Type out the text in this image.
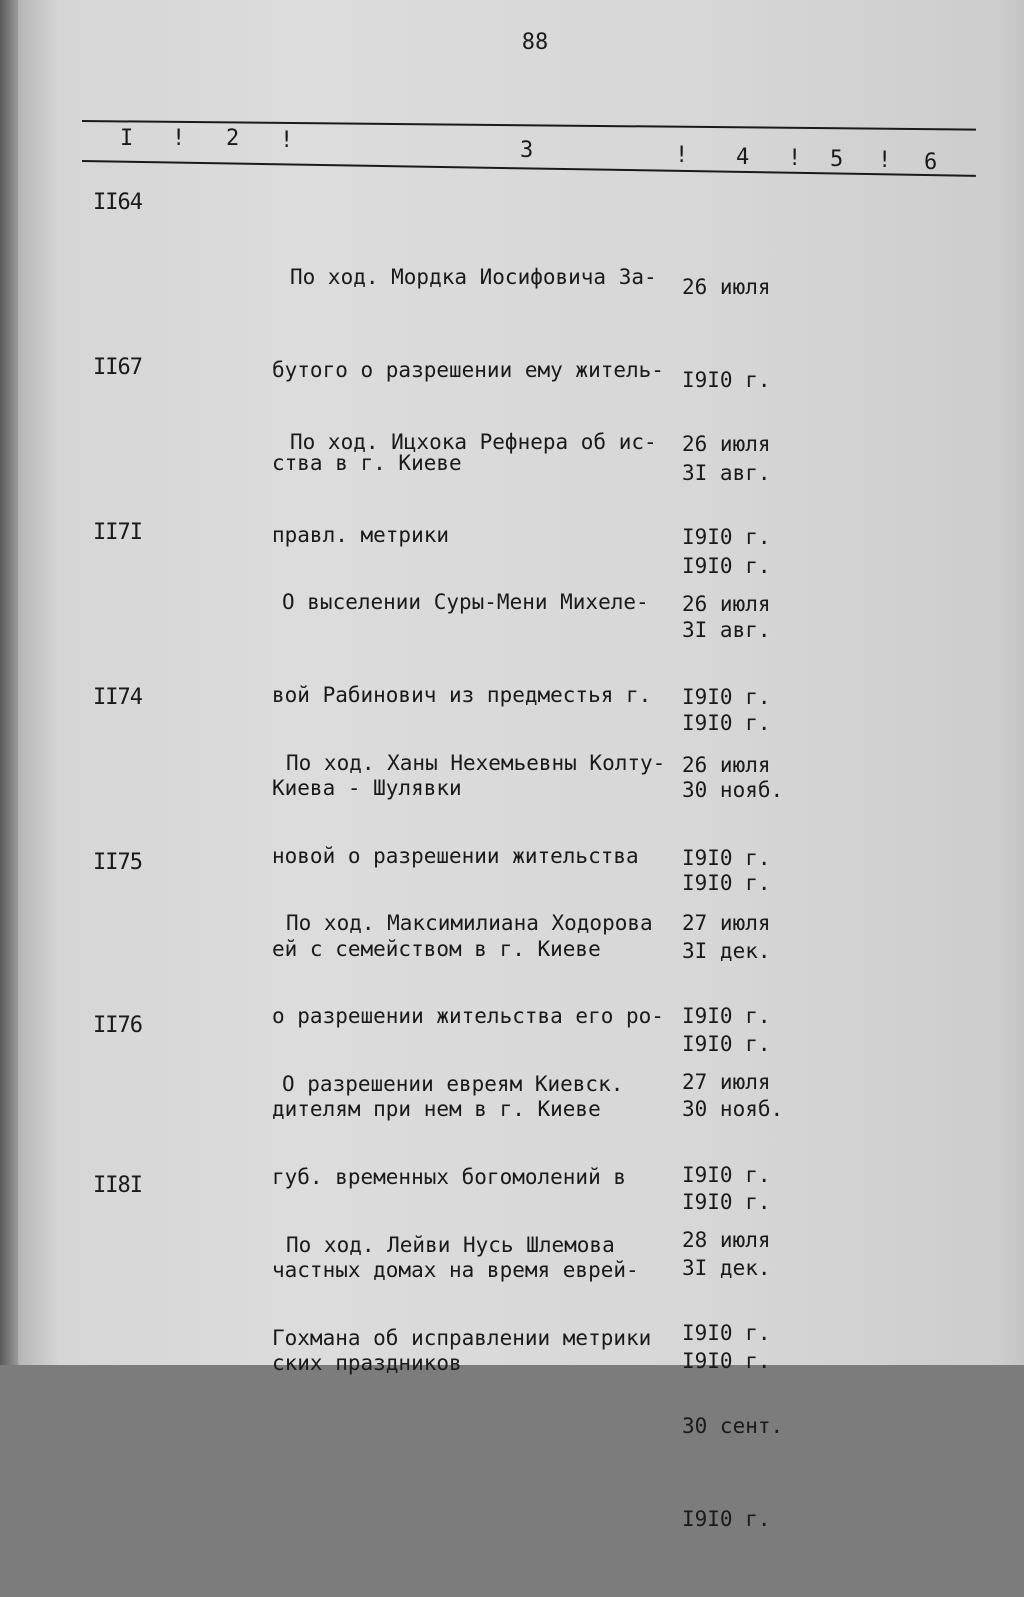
88
I ! 2 !	3	! 4 ! 5 ! 6
II64

По ход. Мордка Иосифовича За-

бутого о разрешении ему житель-

ства в г. Киеве

26 июля

I9I0 г.

3I авг.

I9I0 г.

II67

По ход. Ицхока Рефнера об ис-

правл. метрики

26 июля

I9I0 г.

3I авг.

I9I0 г.

II7I

О выселении Суры-Мени Михеле-

вой Рабинович из предместья г.

Киева - Шулявки

26 июля

I9I0 г.

30 нояб.

I9I0 г.

II74

По ход. Ханы Нехемьевны Колту-

новой о разрешении жительства

ей с семейством в г. Киеве

26 июля

I9I0 г.

3I дек.

I9I0 г.

II75

По ход. Максимилиана Ходорова

о разрешении жительства его ро-

дителям при нем в г. Киеве

27 июля

I9I0 г.

30 нояб.

I9I0 г.

II76

О разрешении евреям Киевск.

губ. временных богомолений в

частных домах на время еврей-

ских праздников

27 июля

I9I0 г.

3I дек.

I9I0 г.

II8I

По ход. Лейви Нусь Шлемова

Гохмана об исправлении метрики

28 июля

I9I0 г.

30 сент.

I9I0 г.
